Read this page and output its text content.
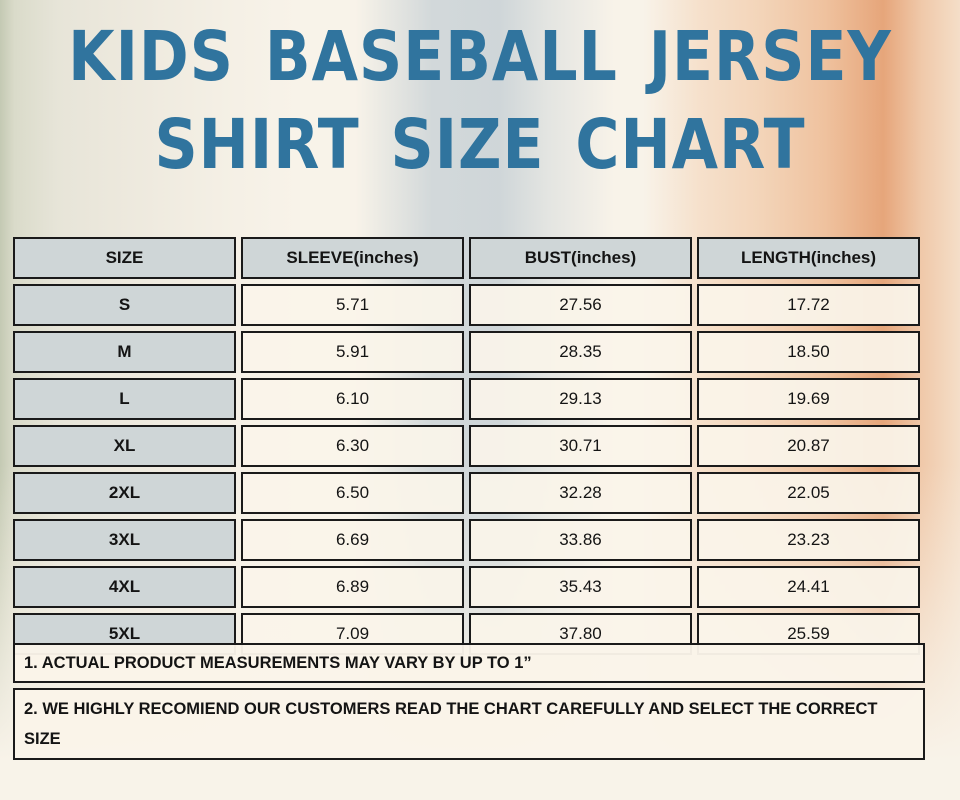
KIDS BASEBALL JERSEY
SHIRT SIZE CHART
SIZE	SLEEVE(inches)	BUST(inches)	LENGTH(inches)
S	5.71	27.56	17.72
M	5.91	28.35	18.50
L	6.10	29.13	19.69
XL	6.30	30.71	20.87
2XL	6.50	32.28	22.05
3XL	6.69	33.86	23.23
4XL	6.89	35.43	24.41
5XL	7.09	37.80	25.59
1. ACTUAL PRODUCT MEASUREMENTS MAY VARY BY UP TO 1”
2. WE HIGHLY RECOMIEND OUR CUSTOMERS READ THE CHART CAREFULLY AND SELECT THE CORRECT SIZE
